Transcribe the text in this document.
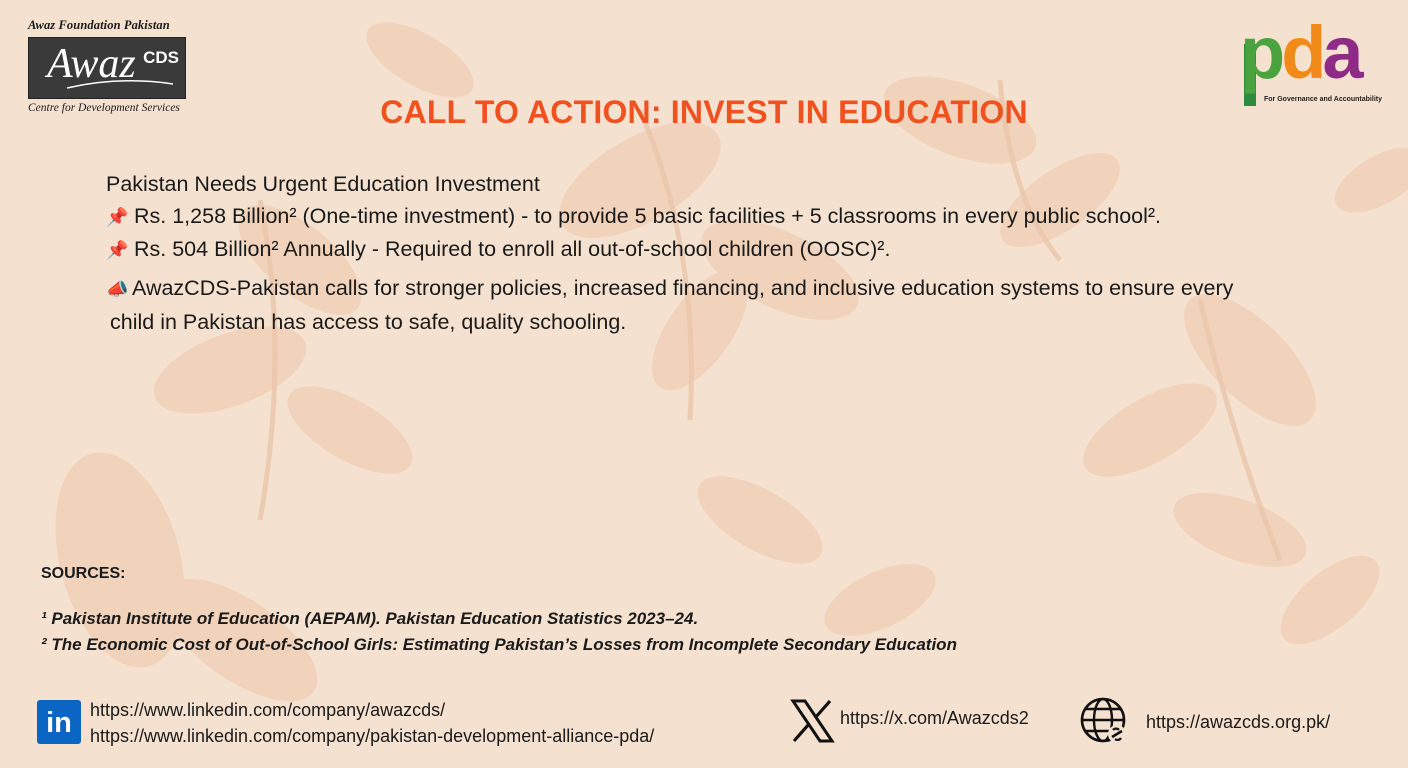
Awaz Foundation Pakistan
Awaz CDS
Centre for Development Services
pda
For Governance and Accountability
CALL TO ACTION: INVEST IN EDUCATION
Pakistan Needs Urgent Education Investment
📌 Rs. 1,258 Billion² (One-time investment) - to provide 5 basic facilities + 5 classrooms in every public school².
📌 Rs. 504 Billion² Annually - Required to enroll all out-of-school children (OOSC)².
📣 AwazCDS-Pakistan calls for stronger policies, increased financing, and inclusive education systems to ensure every
child in Pakistan has access to safe, quality schooling.
SOURCES:
¹ Pakistan Institute of Education (AEPAM). Pakistan Education Statistics 2023–24.
² The Economic Cost of Out-of-School Girls: Estimating Pakistan’s Losses from Incomplete Secondary Education
in	https://www.linkedin.com/company/awazcds/
https://www.linkedin.com/company/pakistan-development-alliance-pda/
https://x.com/Awazcds2	https://awazcds.org.pk/
